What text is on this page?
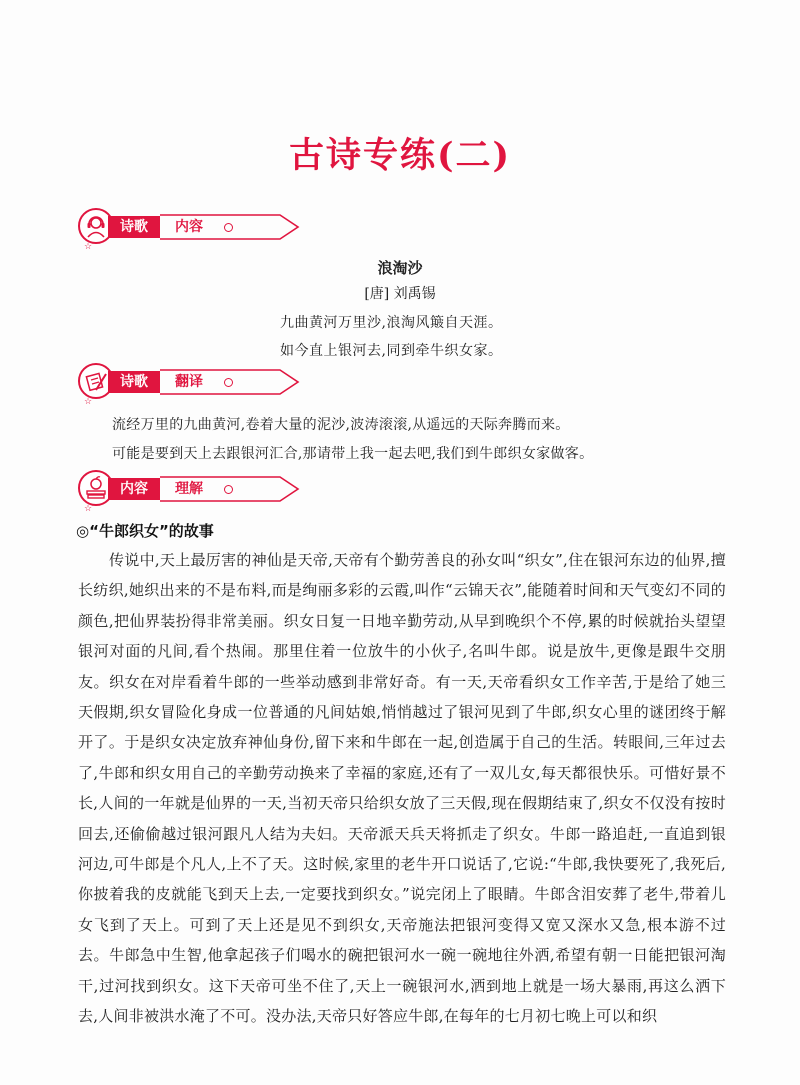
古诗专练(二)
诗歌	内容
☆
浪淘沙
[唐] 刘禹锡
九曲黄河万里沙,浪淘风簸自天涯。
如今直上银河去,同到牵牛织女家。
诗歌	翻译
☆
流经万里的九曲黄河,卷着大量的泥沙,波涛滚滚,从遥远的天际奔腾而来。
可能是要到天上去跟银河汇合,那请带上我一起去吧,我们到牛郎织女家做客。
内容	理解
☆
◎“牛郎织女”的故事
传说中,天上最厉害的神仙是天帝,天帝有个勤劳善良的孙女叫“织女”,住在银河东边的仙界,擅长纺织,她织出来的不是布料,而是绚丽多彩的云霞,叫作“云锦天衣”,能随着时间和天气变幻不同的颜色,把仙界装扮得非常美丽。织女日复一日地辛勤劳动,从早到晚织个不停,累的时候就抬头望望银河对面的凡间,看个热闹。那里住着一位放牛的小伙子,名叫牛郎。说是放牛,更像是跟牛交朋友。织女在对岸看着牛郎的一些举动感到非常好奇。有一天,天帝看织女工作辛苦,于是给了她三天假期,织女冒险化身成一位普通的凡间姑娘,悄悄越过了银河见到了牛郎,织女心里的谜团终于解开了。于是织女决定放弃神仙身份,留下来和牛郎在一起,创造属于自己的生活。转眼间,三年过去了,牛郎和织女用自己的辛勤劳动换来了幸福的家庭,还有了一双儿女,每天都很快乐。可惜好景不长,人间的一年就是仙界的一天,当初天帝只给织女放了三天假,现在假期结束了,织女不仅没有按时回去,还偷偷越过银河跟凡人结为夫妇。天帝派天兵天将抓走了织女。牛郎一路追赶,一直追到银河边,可牛郎是个凡人,上不了天。这时候,家里的老牛开口说话了,它说:“牛郎,我快要死了,我死后,你披着我的皮就能飞到天上去,一定要找到织女。”说完闭上了眼睛。牛郎含泪安葬了老牛,带着儿女飞到了天上。可到了天上还是见不到织女,天帝施法把银河变得又宽又深水又急,根本游不过去。牛郎急中生智,他拿起孩子们喝水的碗把银河水一碗一碗地往外洒,希望有朝一日能把银河淘干,过河找到织女。这下天帝可坐不住了,天上一碗银河水,洒到地上就是一场大暴雨,再这么洒下去,人间非被洪水淹了不可。没办法,天帝只好答应牛郎,在每年的七月初七晚上可以和织
